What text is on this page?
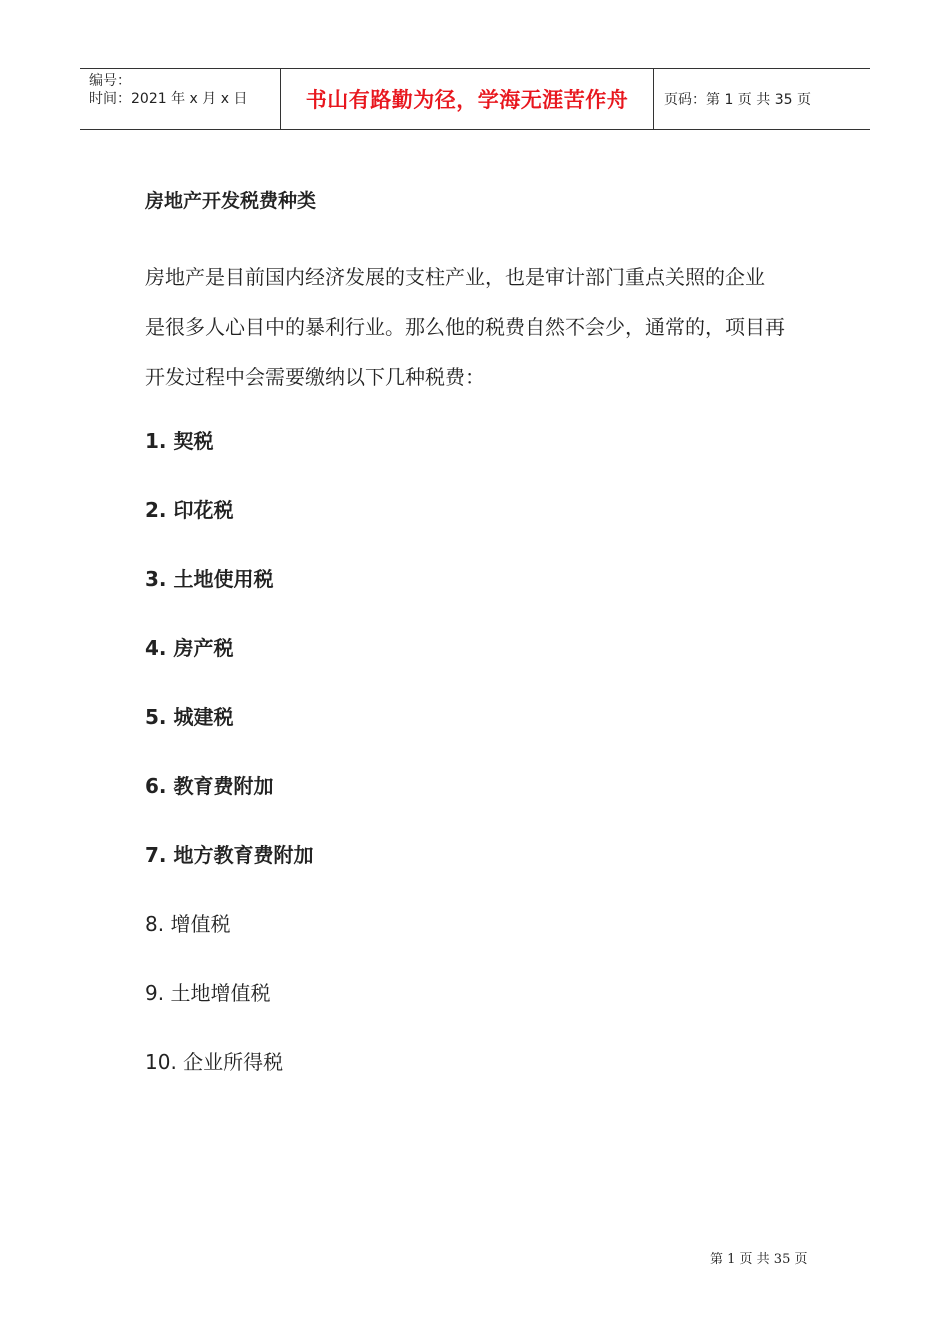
编号：
时间：2021 年 x 月 x 日	书山有路勤为径，学海无涯苦作舟	页码：第 1 页 共 35 页
房地产开发税费种类
房地产是目前国内经济发展的支柱产业，也是审计部门重点关照的企业
是很多人心目中的暴利行业。那么他的税费自然不会少，通常的，项目再
开发过程中会需要缴纳以下几种税费：
1. 契税
2. 印花税
3. 土地使用税
4. 房产税
5. 城建税
6. 教育费附加
7. 地方教育费附加
8. 增值税
9. 土地增值税
10. 企业所得税
第 1 页 共 35 页
